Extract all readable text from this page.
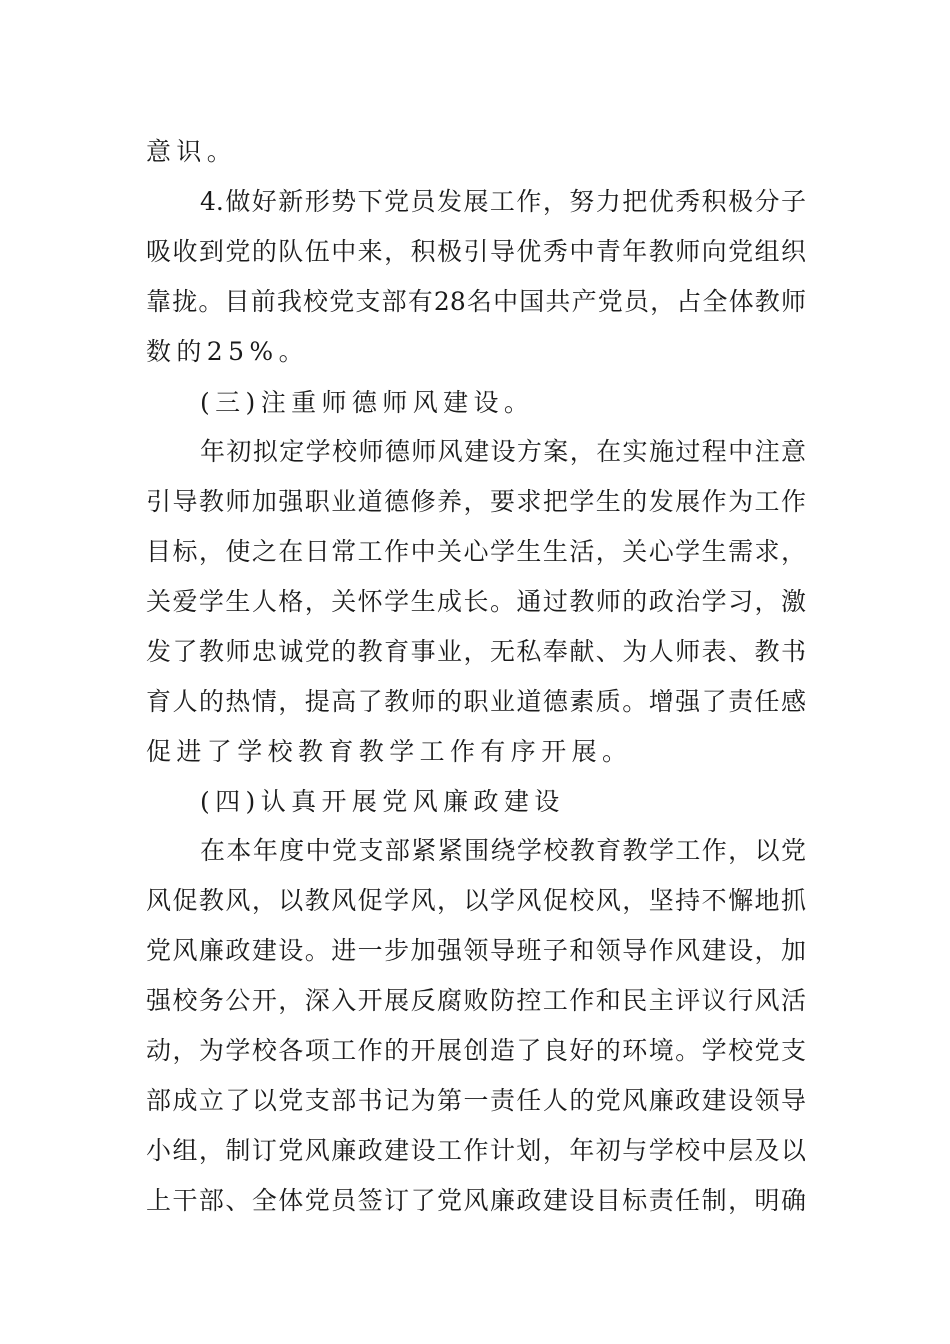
意识。
4.做好新形势下党员发展工作，努力把优秀积极分子
吸收到党的队伍中来，积极引导优秀中青年教师向党组织
靠拢。目前我校党支部有28名中国共产党员，占全体教师
数的25%。
(三)注重师德师风建设。
年初拟定学校师德师风建设方案，在实施过程中注意
引导教师加强职业道德修养，要求把学生的发展作为工作
目标，使之在日常工作中关心学生生活，关心学生需求，
关爱学生人格，关怀学生成长。通过教师的政治学习，激
发了教师忠诚党的教育事业，无私奉献、为人师表、教书
育人的热情，提高了教师的职业道德素质。增强了责任感
促进了学校教育教学工作有序开展。
(四)认真开展党风廉政建设
在本年度中党支部紧紧围绕学校教育教学工作，以党
风促教风，以教风促学风，以学风促校风，坚持不懈地抓
党风廉政建设。进一步加强领导班子和领导作风建设，加
强校务公开，深入开展反腐败防控工作和民主评议行风活
动，为学校各项工作的开展创造了良好的环境。学校党支
部成立了以党支部书记为第一责任人的党风廉政建设领导
小组，制订党风廉政建设工作计划，年初与学校中层及以
上干部、全体党员签订了党风廉政建设目标责任制，明确
